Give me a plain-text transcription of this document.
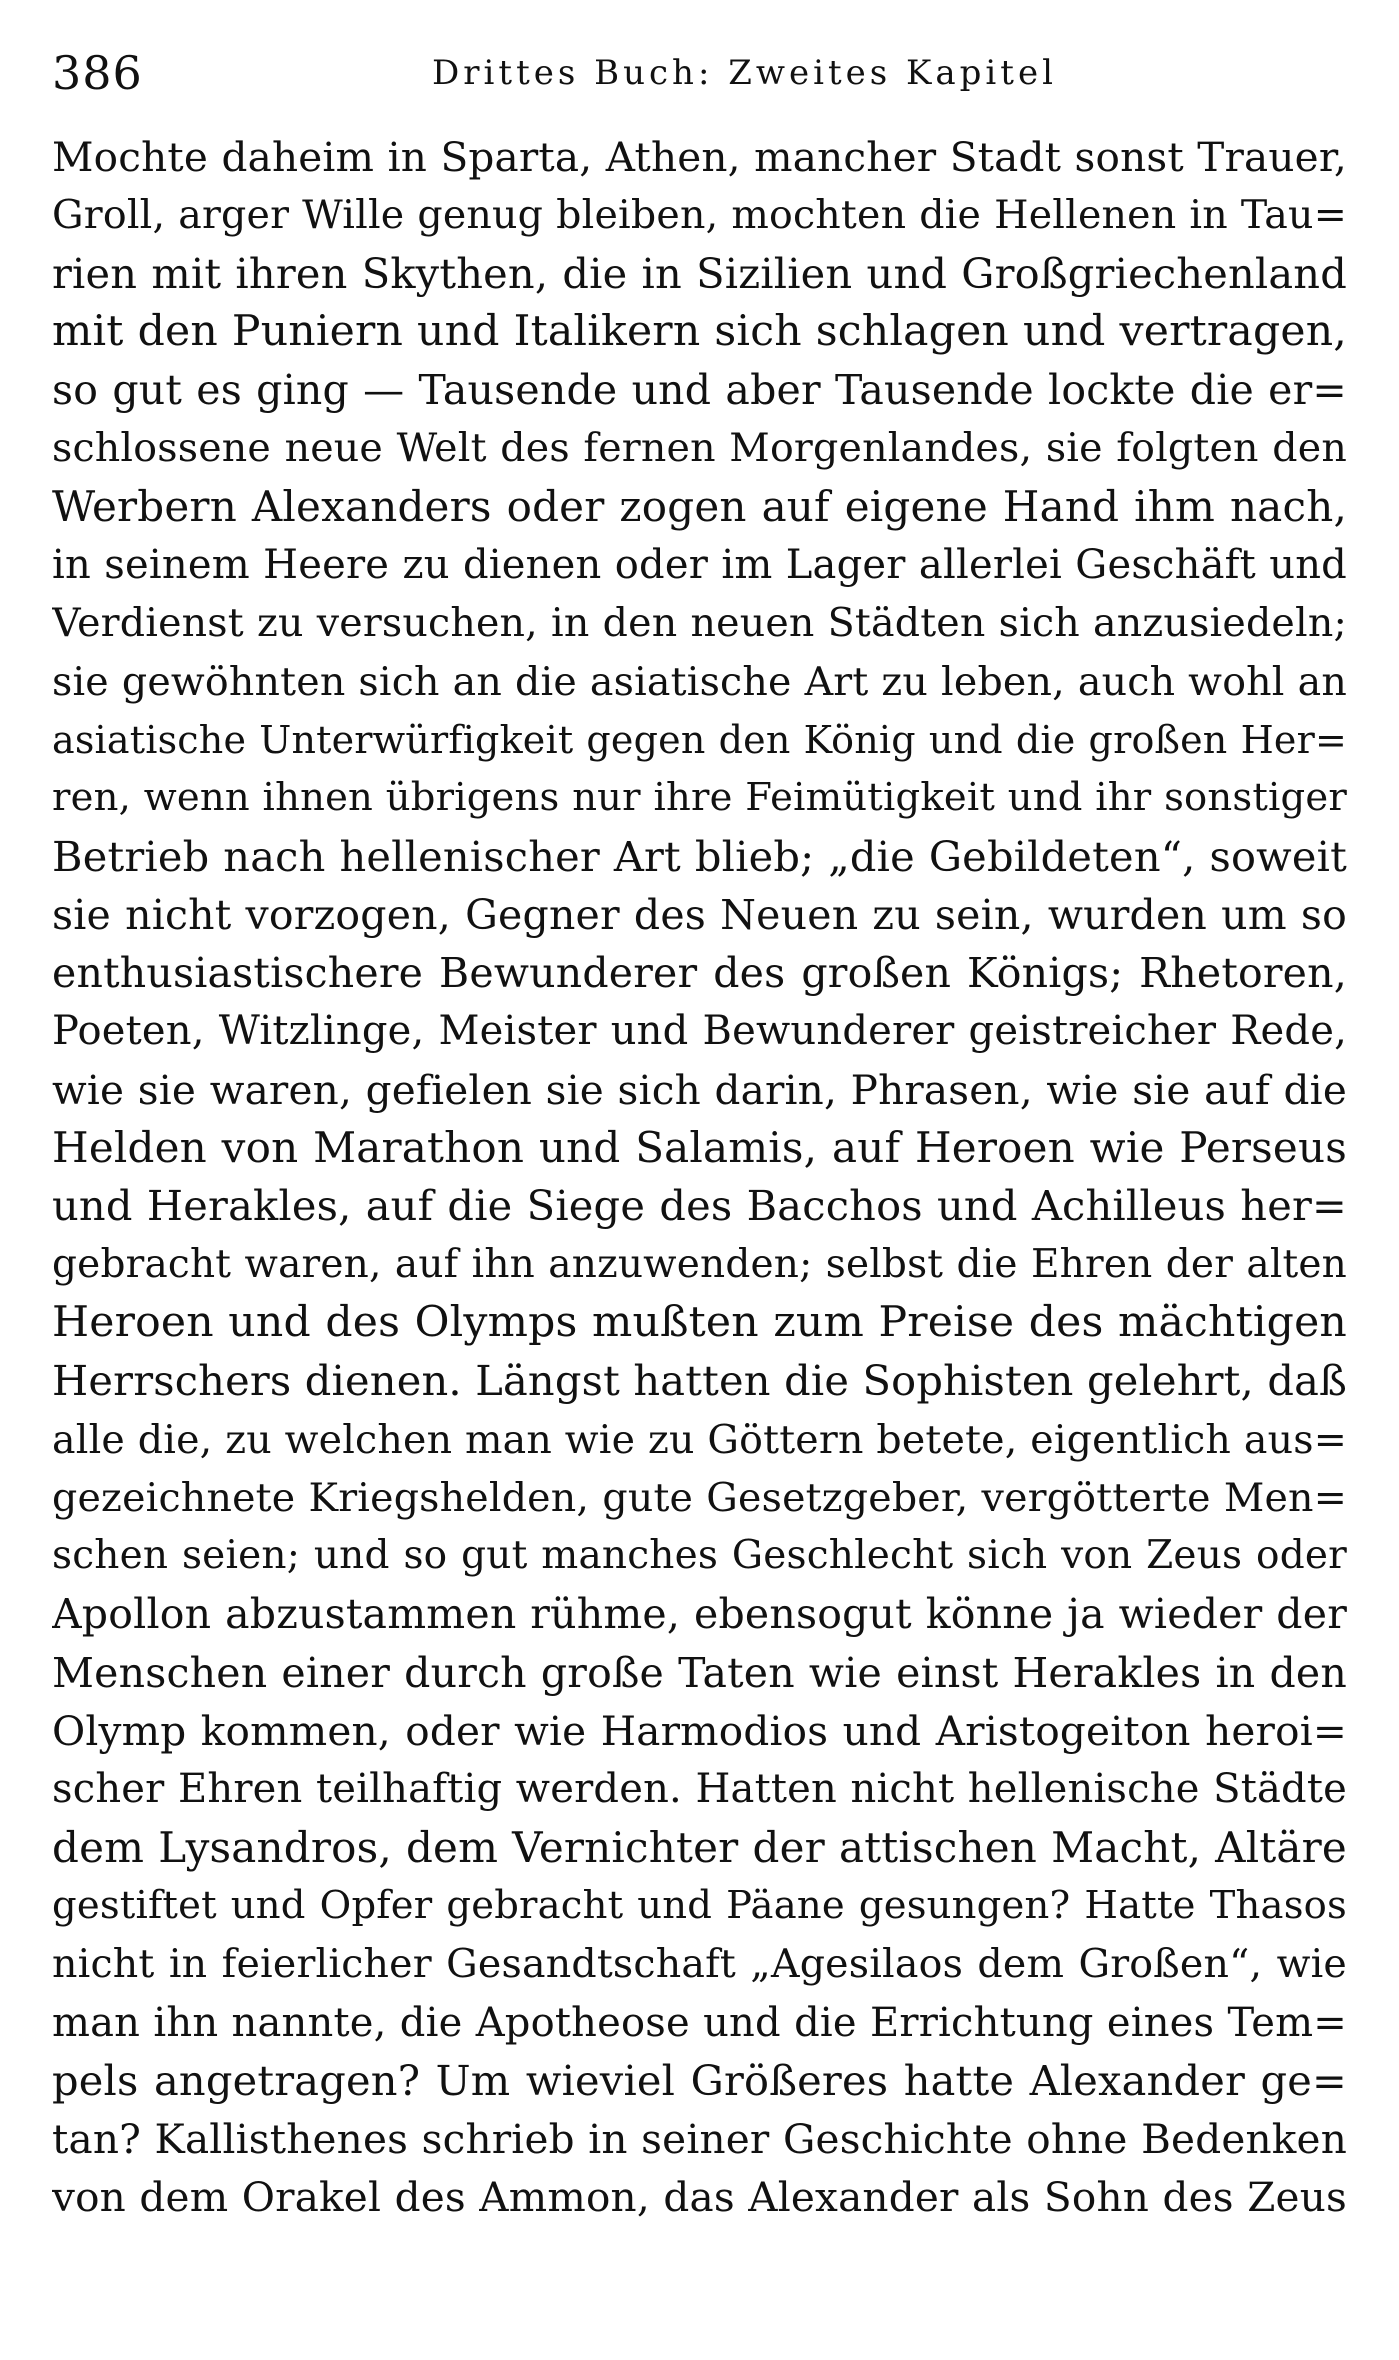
386	Drittes Buch: Zweites Kapitel
Mochte daheim in Sparta, Athen, mancher Stadt sonst Trauer,
Groll, arger Wille genug bleiben, mochten die Hellenen in Tau=
rien mit ihren Skythen, die in Sizilien und Großgriechenland
mit den Puniern und Italikern sich schlagen und vertragen,
so gut es ging — Tausende und aber Tausende lockte die er=
schlossene neue Welt des fernen Morgenlandes, sie folgten den
Werbern Alexanders oder zogen auf eigene Hand ihm nach,
in seinem Heere zu dienen oder im Lager allerlei Geschäft und
Verdienst zu versuchen, in den neuen Städten sich anzusiedeln;
sie gewöhnten sich an die asiatische Art zu leben, auch wohl an
asiatische Unterwürfigkeit gegen den König und die großen Her=
ren, wenn ihnen übrigens nur ihre Feimütigkeit und ihr sonstiger
Betrieb nach hellenischer Art blieb; „die Gebildeten“, soweit
sie nicht vorzogen, Gegner des Neuen zu sein, wurden um so
enthusiastischere Bewunderer des großen Königs; Rhetoren,
Poeten, Witzlinge, Meister und Bewunderer geistreicher Rede,
wie sie waren, gefielen sie sich darin, Phrasen, wie sie auf die
Helden von Marathon und Salamis, auf Heroen wie Perseus
und Herakles, auf die Siege des Bacchos und Achilleus her=
gebracht waren, auf ihn anzuwenden; selbst die Ehren der alten
Heroen und des Olymps mußten zum Preise des mächtigen
Herrschers dienen. Längst hatten die Sophisten gelehrt, daß
alle die, zu welchen man wie zu Göttern betete, eigentlich aus=
gezeichnete Kriegshelden, gute Gesetzgeber, vergötterte Men=
schen seien; und so gut manches Geschlecht sich von Zeus oder
Apollon abzustammen rühme, ebensogut könne ja wieder der
Menschen einer durch große Taten wie einst Herakles in den
Olymp kommen, oder wie Harmodios und Aristogeiton heroi=
scher Ehren teilhaftig werden. Hatten nicht hellenische Städte
dem Lysandros, dem Vernichter der attischen Macht, Altäre
gestiftet und Opfer gebracht und Päane gesungen? Hatte Thasos
nicht in feierlicher Gesandtschaft „Agesilaos dem Großen“, wie
man ihn nannte, die Apotheose und die Errichtung eines Tem=
pels angetragen? Um wieviel Größeres hatte Alexander ge=
tan? Kallisthenes schrieb in seiner Geschichte ohne Bedenken
von dem Orakel des Ammon, das Alexander als Sohn des Zeus
